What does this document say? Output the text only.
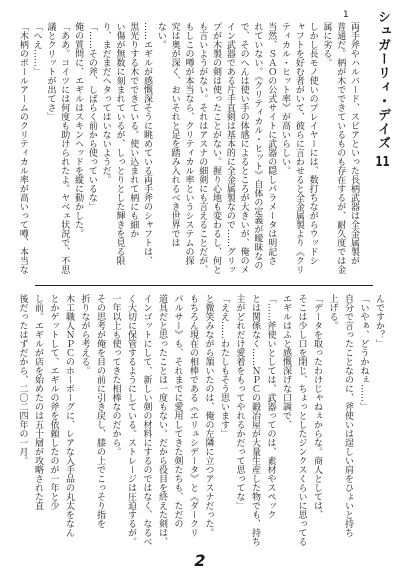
シュガーリィ・デイズ11
1
両手斧やハルバード、スピアといった長柄武器は全金属製が
普通だ。柄が木でできているものも存在するが、耐久度では金
属に劣る。
しかし長モノ使いのプレイヤーには、数打ちながらウッドシ
ャフトを好む者がいて、彼らに言わせると全金属製より《クリ
ティカル・ヒット率》が高いらしい。
当然、ＳＡＯの公式サイトに武器の隠しパラメータは明記さ
れていない。《クリティカル・ヒット》自体の定義が曖昧なの
で、そのへんは使い手の体感によるところが大きいが、俺のメ
イン武器である片手直剣は基本的に全金属製なので……グリッ
プが木製の剣は使ったことがない。握り心地も変わるし、何と
も言いようがない。それはアスナの細剣にも言えることだが、
もしこの噂が本当なら、クリティカル率というシステムの探
究は奥が深く、おいそれと足を踏み入れるべき世界では
ない。
……エギルが感慨深そうに眺めている両手斧のシャフトは、
黒光りする木でできている。使い込まれて柄にも細か
い傷が無数に刻まれているが、しっとりとした輝きを見る限
り、まだまだヘタってはいないようだ。
「……その斧、しばらく前から使っているな」
俺の質問に、エギルはスキンヘッドを縦に動かした。
「ああ。コイツには何度も助けられたよ。ヤベェ状況で、不思
議とクリットが出てさ」
「へえ……」
「木柄のポールアームのクリティカル率が高いって噂、本当な
んですか？」
「いやぁ、どうかねぇ……」
自分で言ったことなのに、斧使いは逞しい肩をひょいと持ち
上げる。
「データを取ったわけじゃねぇからな。商人としては、
そこは少し口を閉じ、ちょっとしたジンクスくらいに思ってる
エギルはふと感慨深げな口調で、
「……斧使いとしては、武器ってのは、素材やスペック
とは関係なく……ＮＰＣの鍛冶屋が大量生産した物でも、持ち
主がどれだけ愛着をもってやれるかだって思ってな」
「ええ……わたしもそう思います」
と微笑みながら頷いたのは、俺の左隣に立つアスナだった。
もちろん現在の相棒である《エリュシデータ》と《ダークリ
パルサー》も、それまでに愛用してきた剣たちも、ただの
道具だと思ったことは一度もない。だから役目を終えた剣は、
インゴットにして、新しい剣の材料にするのではなく、なるべ
く大切に保管するようにしている。ストレージは圧迫するが。
一年以上も使ってきた相棒なのだから。
その思考が俺を目の前に引き戻し、膝の上でこっそり指を
折りながら考える。
木工職人ＮＰＣのホーボーグに、レアな入手品の丸太をなん
とかゲットして、エギルの斧を依頼したのが一年と少
し前。エギルが店を始めたのは五十層が攻略された直
後だったはずだから、二〇二四年の一月。
2
